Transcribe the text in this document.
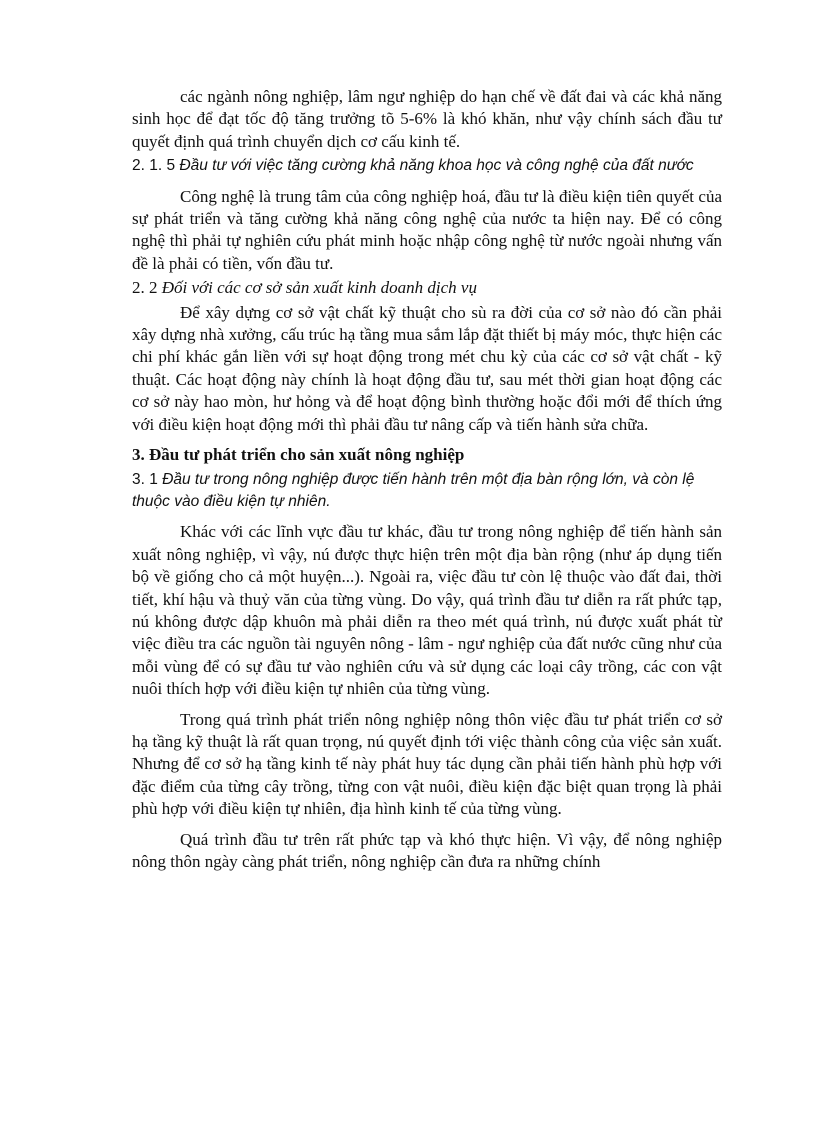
các ngành nông nghiệp, lâm ngư nghiệp do hạn chế về đất đai và các khả năng sinh học để đạt tốc độ tăng trưởng tõ 5-6% là khó khăn, như vậy chính sách đầu tư quyết định quá trình chuyển dịch cơ cấu kinh tế.

2. 1. 5 Đầu tư với việc tăng cường khả năng khoa học và công nghệ của đất nước

Công nghệ là trung tâm của công nghiệp hoá, đầu tư là điều kiện tiên quyết của sự phát triển và tăng cường khả năng công nghệ của nước ta hiện nay. Để có công nghệ thì phải tự nghiên cứu phát minh hoặc nhập công nghệ từ nước ngoài nhưng vấn đề là phải có tiền, vốn đầu tư.

2. 2 Đối với các cơ sở sản xuất kinh doanh dịch vụ

Để xây dựng cơ sở vật chất kỹ thuật cho sù ra đời của cơ sở nào đó cần phải xây dựng nhà xưởng, cấu trúc hạ tầng mua sắm lắp đặt thiết bị máy móc, thực hiện các chi phí khác gắn liền với sự hoạt động trong mét chu kỳ của các cơ sở vật chất - kỹ thuật. Các hoạt động này chính là hoạt động đầu tư, sau mét thời gian hoạt động các cơ sở này hao mòn, hư hỏng và để hoạt động bình thường hoặc đổi mới để thích ứng với điều kiện hoạt động mới thì phải đầu tư nâng cấp và tiến hành sửa chữa.

3. Đầu tư phát triển cho sản xuất nông nghiệp

3. 1 Đầu tư trong nông nghiệp được tiến hành trên một địa bàn rộng lớn, và còn lệ thuộc vào điều kiện tự nhiên.

Khác với các lĩnh vực đầu tư khác, đầu tư trong nông nghiệp để tiến hành sản xuất nông nghiệp, vì vậy, nú được thực hiện trên một địa bàn rộng (như áp dụng tiến bộ về giống cho cả một huyện...). Ngoài ra, việc đầu tư còn lệ thuộc vào đất đai, thời tiết, khí hậu và thuỷ văn của từng vùng. Do vậy, quá trình đầu tư diễn ra rất phức tạp, nú không được dập khuôn mà phải diễn ra theo mét quá trình, nú được xuất phát từ việc điều tra các nguồn tài nguyên nông - lâm - ngư nghiệp của đất nước cũng như của mỗi vùng để có sự đầu tư vào nghiên cứu và sử dụng các loại cây trồng, các con vật nuôi thích hợp với điều kiện tự nhiên của từng vùng.

Trong quá trình phát triển nông nghiệp nông thôn việc đầu tư phát triển cơ sở hạ tầng kỹ thuật là rất quan trọng, nú quyết định tới việc thành công của việc sản xuất. Nhưng để cơ sở hạ tầng kinh tế này phát huy tác dụng cần phải tiến hành phù hợp với đặc điểm của từng cây trồng, từng con vật nuôi, điều kiện đặc biệt quan trọng là phải phù hợp với điều kiện tự nhiên, địa hình kinh tế của từng vùng.

Quá trình đầu tư trên rất phức tạp và khó thực hiện. Vì vậy, để nông nghiệp nông thôn ngày càng phát triển, nông nghiệp cần đưa ra những chính
